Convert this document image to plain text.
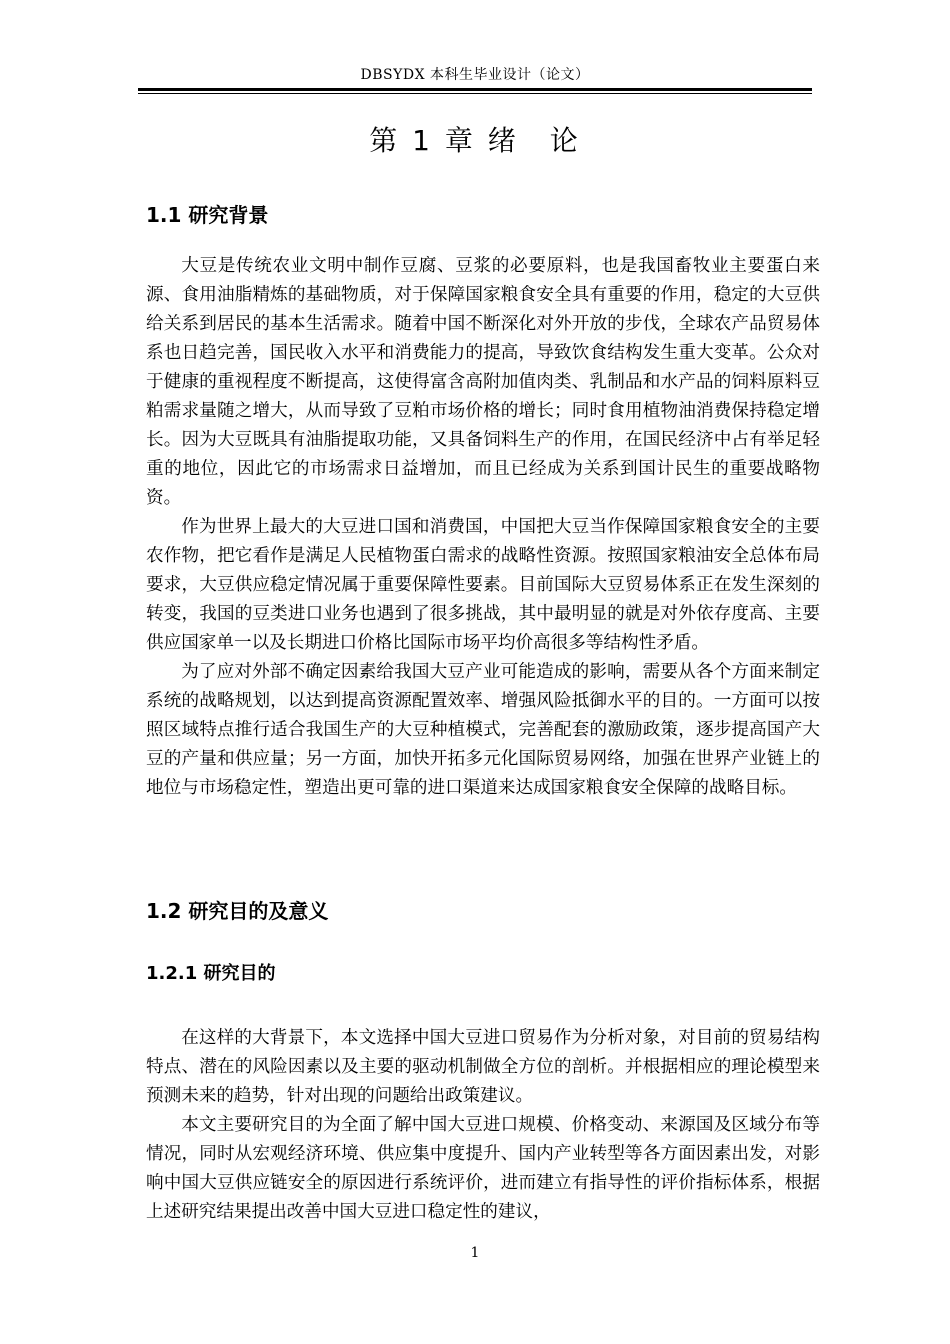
DBSYDX 本科生毕业设计（论文）
第 1 章 绪　论
1.1 研究背景

大豆是传统农业文明中制作豆腐、豆浆的必要原料，也是我国畜牧业主要蛋白来源、食用油脂精炼的基础物质，对于保障国家粮食安全具有重要的作用，稳定的大豆供给关系到居民的基本生活需求。随着中国不断深化对外开放的步伐，全球农产品贸易体系也日趋完善，国民收入水平和消费能力的提高，导致饮食结构发生重大变革。公众对于健康的重视程度不断提高，这使得富含高附加值肉类、乳制品和水产品的饲料原料豆粕需求量随之增大，从而导致了豆粕市场价格的增长；同时食用植物油消费保持稳定增长。因为大豆既具有油脂提取功能，又具备饲料生产的作用，在国民经济中占有举足轻重的地位，因此它的市场需求日益增加，而且已经成为关系到国计民生的重要战略物资。

作为世界上最大的大豆进口国和消费国，中国把大豆当作保障国家粮食安全的主要农作物，把它看作是满足人民植物蛋白需求的战略性资源。按照国家粮油安全总体布局要求，大豆供应稳定情况属于重要保障性要素。目前国际大豆贸易体系正在发生深刻的转变，我国的豆类进口业务也遇到了很多挑战，其中最明显的就是对外依存度高、主要供应国家单一以及长期进口价格比国际市场平均价高很多等结构性矛盾。

为了应对外部不确定因素给我国大豆产业可能造成的影响，需要从各个方面来制定系统的战略规划，以达到提高资源配置效率、增强风险抵御水平的目的。一方面可以按照区域特点推行适合我国生产的大豆种植模式，完善配套的激励政策，逐步提高国产大豆的产量和供应量；另一方面，加快开拓多元化国际贸易网络，加强在世界产业链上的地位与市场稳定性，塑造出更可靠的进口渠道来达成国家粮食安全保障的战略目标。

1.2 研究目的及意义
1.2.1 研究目的

在这样的大背景下，本文选择中国大豆进口贸易作为分析对象，对目前的贸易结构特点、潜在的风险因素以及主要的驱动机制做全方位的剖析。并根据相应的理论模型来预测未来的趋势，针对出现的问题给出政策建议。

本文主要研究目的为全面了解中国大豆进口规模、价格变动、来源国及区域分布等情况，同时从宏观经济环境、供应集中度提升、国内产业转型等各方面因素出发，对影响中国大豆供应链安全的原因进行系统评价，进而建立有指导性的评价指标体系，根据上述研究结果提出改善中国大豆进口稳定性的建议，

1
